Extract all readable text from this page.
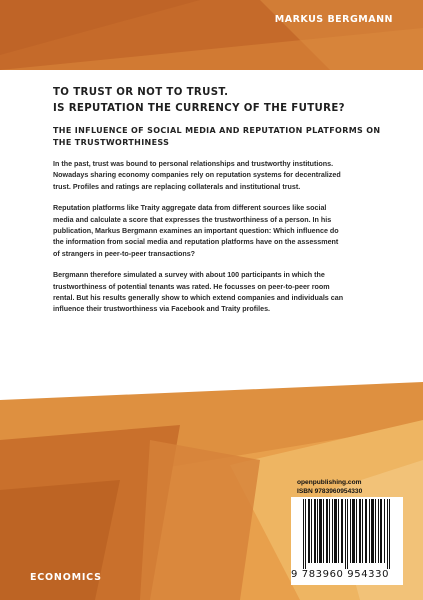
MARKUS BERGMANN
TO TRUST OR NOT TO TRUST.
IS REPUTATION THE CURRENCY OF THE FUTURE?
THE INFLUENCE OF SOCIAL MEDIA AND REPUTATION PLATFORMS ON
THE TRUSTWORTHINESS
In the past, trust was bound to personal relationships and trustworthy institutions.
Nowadays sharing economy companies rely on reputation systems for decentralized
trust. Profiles and ratings are replacing collaterals and institutional trust.
Reputation platforms like Traity aggregate data from different sources like social
media and calculate a score that expresses the trustworthiness of a person. In his
publication, Markus Bergmann examines an important question: Which influence do
the information from social media and reputation platforms have on the assessment
of strangers in peer-to-peer transactions?
Bergmann therefore simulated a survey with about 100 participants in which the
trustworthiness of potential tenants was rated. He focusses on peer-to-peer room
rental. But his results generally show to which extend companies and individuals can
influence their trustworthiness via Facebook and Traity profiles.
openpublishing.com
ISBN 9783960954330
9 783960 954330
ECONOMICS
